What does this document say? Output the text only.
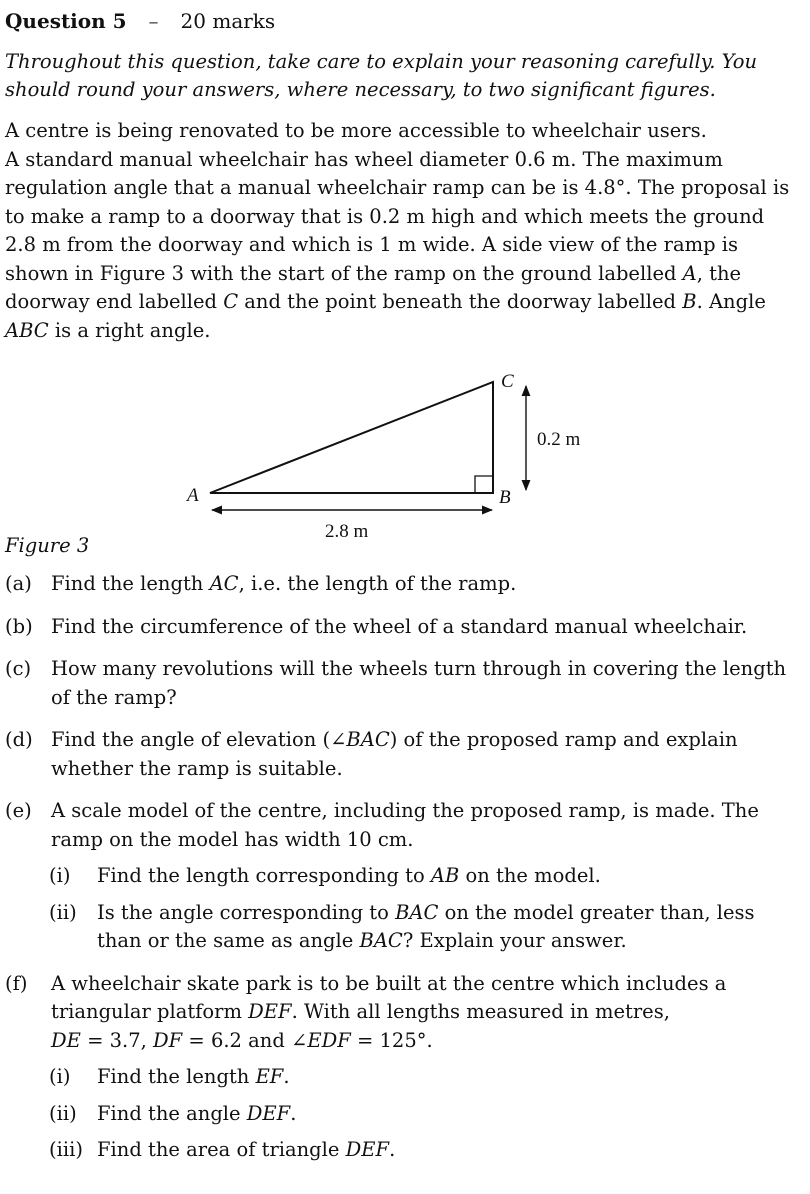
Question 5 – 20 marks

Throughout this question, take care to explain your reasoning carefully. You should round your answers, where necessary, to two significant figures.

A centre is being renovated to be more accessible to wheelchair users.

A standard manual wheelchair has wheel diameter 0.6 m. The maximum regulation angle that a manual wheelchair ramp can be is 4.8°. The proposal is to make a ramp to a doorway that is 0.2 m high and which meets the ground 2.8 m from the doorway and which is 1 m wide. A side view of the ramp is shown in Figure 3 with the start of the ramp on the ground labelled A, the doorway end labelled C and the point beneath the doorway labelled B. Angle ABC is a right angle.

A	B
C
0.2 m
2.8 m
Figure 3
(a) Find the length AC, i.e. the length of the ramp.
(b) Find the circumference of the wheel of a standard manual wheelchair.
(c)	How many revolutions will the wheels turn through in covering the length of the ramp?
(d) Find the angle of elevation (∠BAC) of the proposed ramp and explain whether the ramp is suitable.
(e) A scale model of the centre, including the proposed ramp, is made. The ramp on the model has width 10 cm.
(i)	Find the length corresponding to AB on the model.
(ii)	Is the angle corresponding to BAC on the model greater than, less than or the same as angle BAC? Explain your answer.
(f)	A wheelchair skate park is to be built at the centre which includes a triangular platform DEF. With all lengths measured in metres,
DE = 3.7, DF = 6.2 and ∠EDF = 125°.
(i)	Find the length EF.
(ii)	Find the angle DEF.
(iii) Find the area of triangle DEF.
